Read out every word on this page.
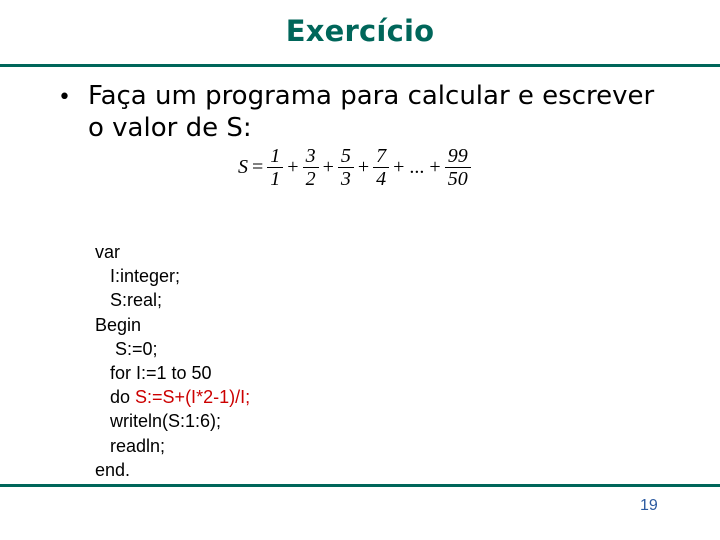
Exercício
• Faça um programa para calcular e escrever o valor de S:
$S = \frac{1}{1} + \frac{3}{2} + \frac{5}{3} + \frac{7}{4}$ + ... + $\frac{99}{50}$
var
I:integer;
S:real;
Begin
S:=0;
for I:=1 to 50
do S:=S+(I*2-1)/I;
writeln(S:1:6);
readln;
end.
19
